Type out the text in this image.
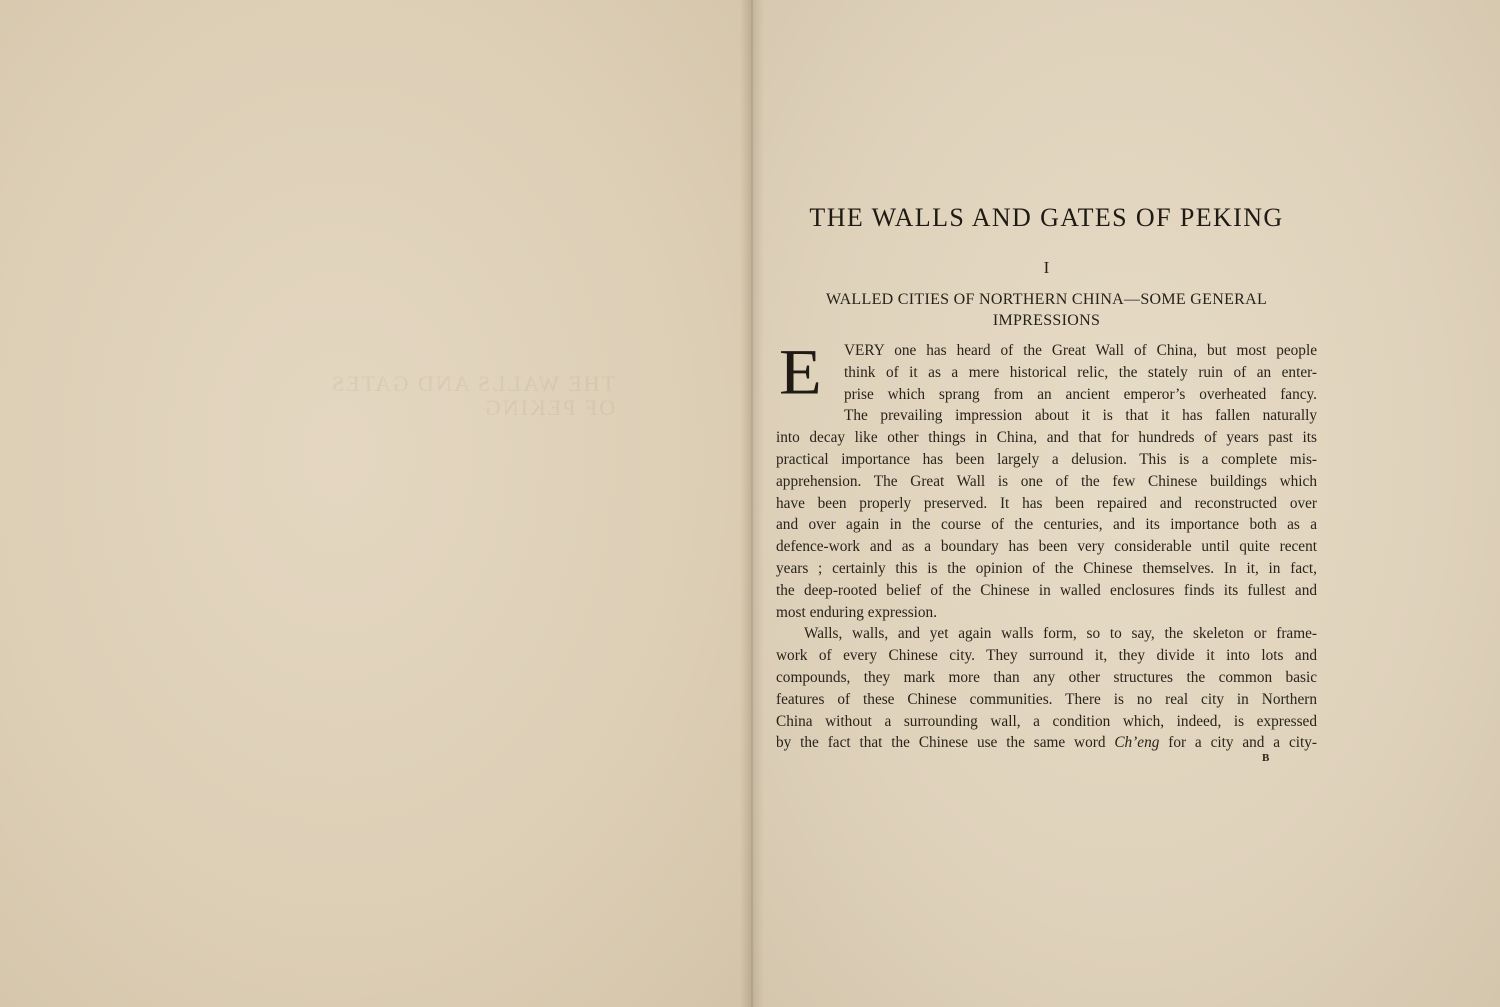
THE WALLS AND GATES
OF PEKING
THE WALLS AND GATES OF PEKING
I
WALLED CITIES OF NORTHERN CHINA—SOME GENERAL
IMPRESSIONS
E	VERY one has heard of the Great Wall of China, but most people
think of it as a mere historical relic, the stately ruin of an enter-
prise which sprang from an ancient emperor’s overheated fancy.
The prevailing impression about it is that it has fallen naturally
into decay like other things in China, and that for hundreds of years past its
practical importance has been largely a delusion. This is a complete mis-
apprehension. The Great Wall is one of the few Chinese buildings which
have been properly preserved. It has been repaired and reconstructed over
and over again in the course of the centuries, and its importance both as a
defence-work and as a boundary has been very considerable until quite recent
years ; certainly this is the opinion of the Chinese themselves. In it, in fact,
the deep-rooted belief of the Chinese in walled enclosures finds its fullest and
most enduring expression.
Walls, walls, and yet again walls form, so to say, the skeleton or frame-
work of every Chinese city. They surround it, they divide it into lots and
compounds, they mark more than any other structures the common basic
features of these Chinese communities. There is no real city in Northern
China without a surrounding wall, a condition which, indeed, is expressed
by the fact that the Chinese use the same word Ch’eng for a city and a city-
B
